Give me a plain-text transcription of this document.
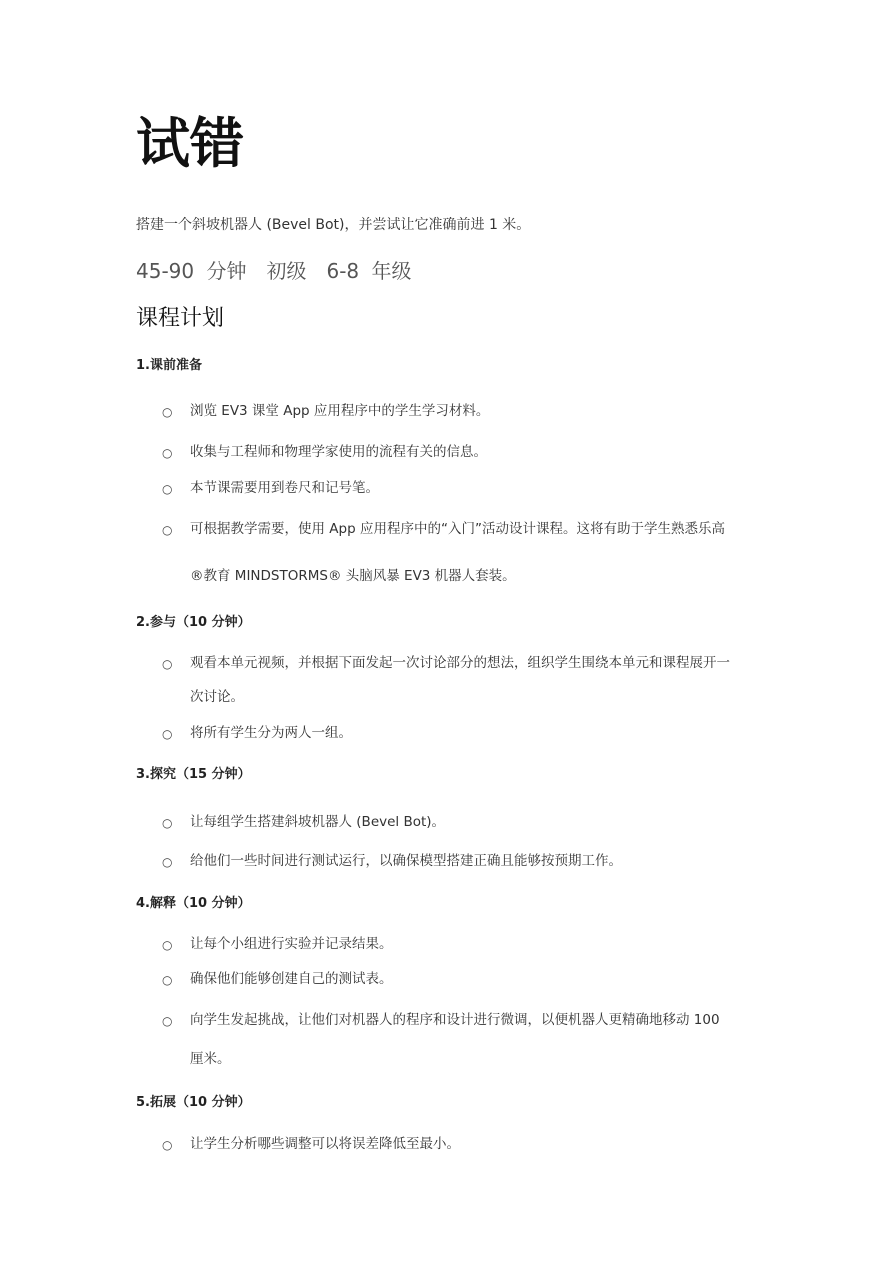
试错
搭建一个斜坡机器人 (Bevel Bot)，并尝试让它准确前进 1 米。
45-90 分钟　初级　6-8 年级
课程计划
1.课前准备
○ 浏览 EV3 课堂 App 应用程序中的学生学习材料。
○ 收集与工程师和物理学家使用的流程有关的信息。
○ 本节课需要用到卷尺和记号笔。
○ 可根据教学需要，使用 App 应用程序中的“入门”活动设计课程。这将有助于学生熟悉乐高
®教育 MINDSTORMS® 头脑风暴 EV3 机器人套装。
2.参与（10 分钟）
○ 观看本单元视频，并根据下面发起一次讨论部分的想法，组织学生围绕本单元和课程展开一
次讨论。
○ 将所有学生分为两人一组。
3.探究（15 分钟）
○ 让每组学生搭建斜坡机器人 (Bevel Bot)。
○ 给他们一些时间进行测试运行，以确保模型搭建正确且能够按预期工作。
4.解释（10 分钟）
○ 让每个小组进行实验并记录结果。
○ 确保他们能够创建自己的测试表。
○ 向学生发起挑战，让他们对机器人的程序和设计进行微调，以便机器人更精确地移动 100
厘米。
5.拓展（10 分钟）
○ 让学生分析哪些调整可以将误差降低至最小。
